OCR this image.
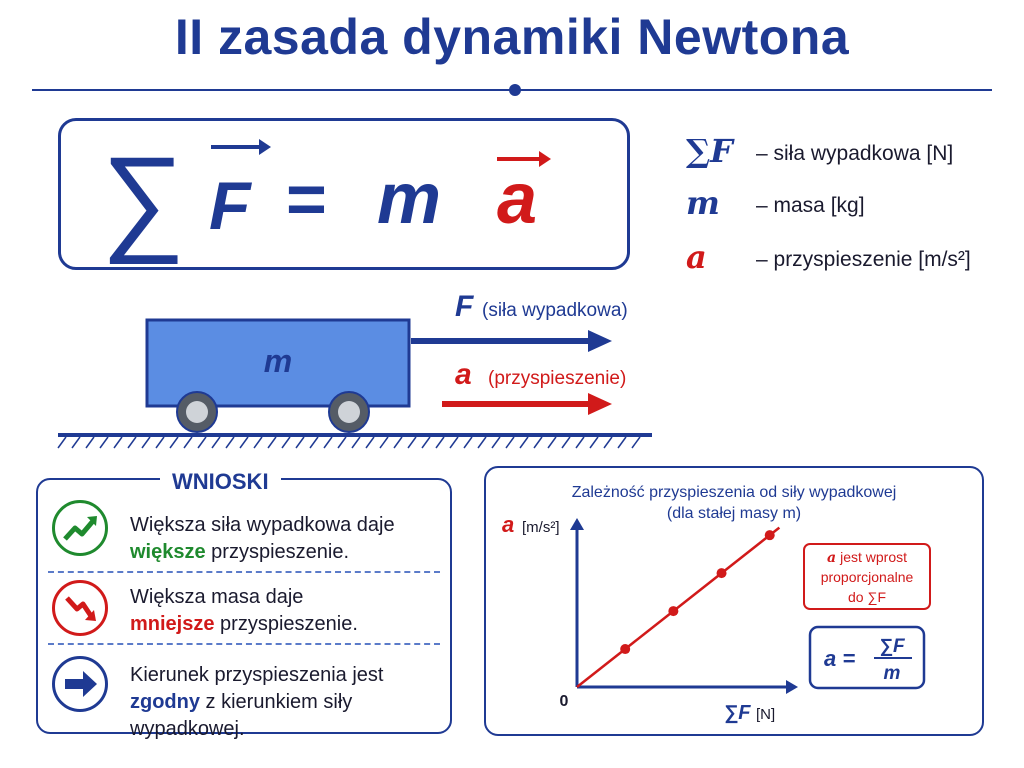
II zasada dynamiki Newtona
∑ F = m a
∑F – siła wypadkowa [N]
m – masa [kg]
a – przyspieszenie [m/s²]
m
F (siła wypadkowa)
a (przyspieszenie)
WNIOSKI
Większa siła wypadkowa daje
większe przyspieszenie.
Większa masa daje
mniejsze przyspieszenie.
Kierunek przyspieszenia jest
zgodny z kierunkiem siły wypadkowej.
Zależność przyspieszenia od siły wypadkowej
(dla stałej masy m)
0
a [m/s²]
∑F [N]
a jest wprost
proporcjonalne
do ∑F
a = ∑F
m
